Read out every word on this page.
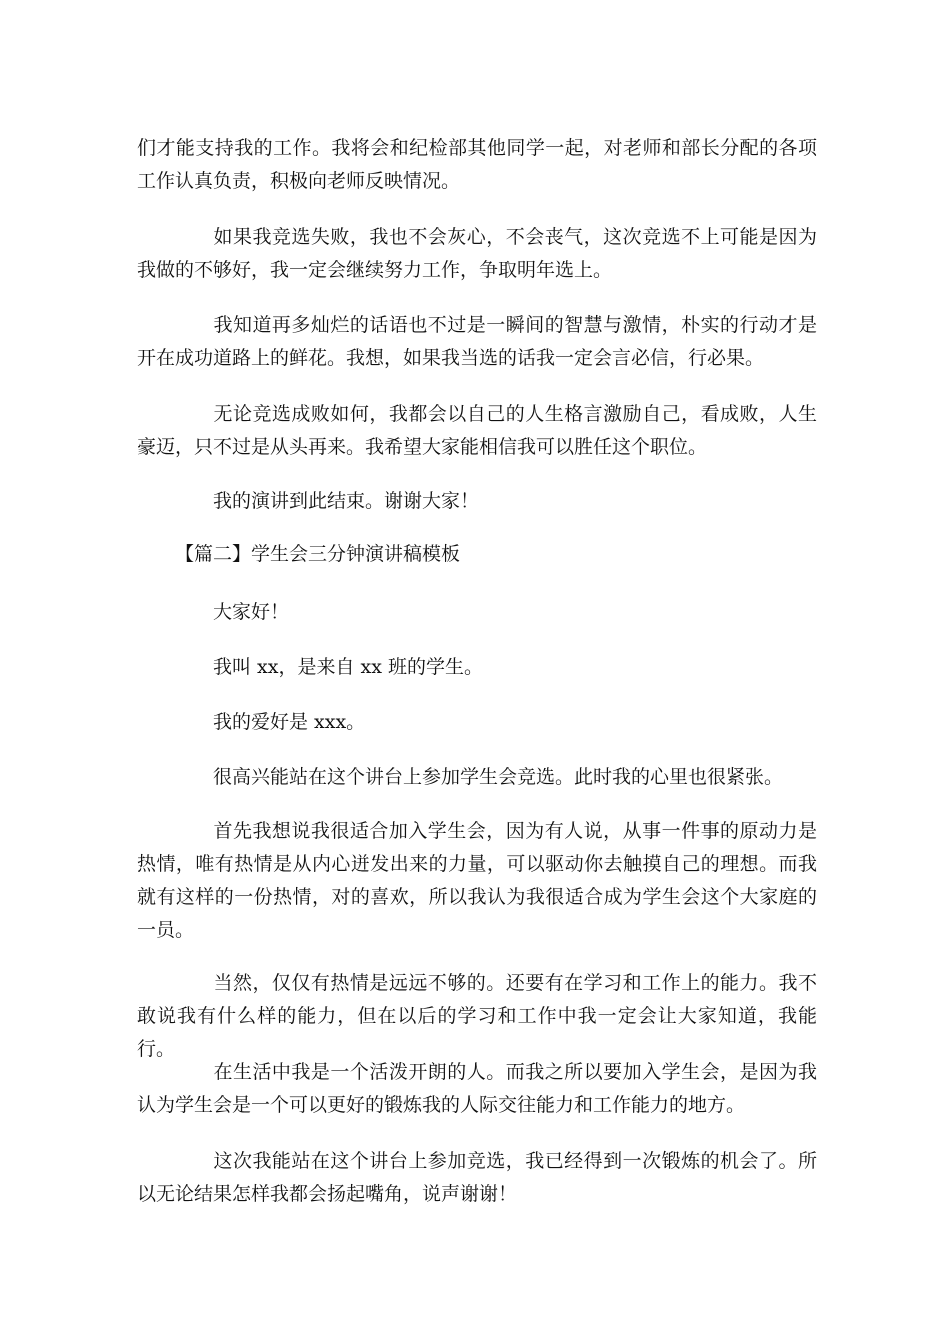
们才能支持我的工作。我将会和纪检部其他同学一起，对老师和部长分配的各项工作认真负责，积极向老师反映情况。

如果我竞选失败，我也不会灰心，不会丧气，这次竞选不上可能是因为我做的不够好，我一定会继续努力工作，争取明年选上。

我知道再多灿烂的话语也不过是一瞬间的智慧与激情，朴实的行动才是开在成功道路上的鲜花。我想，如果我当选的话我一定会言必信，行必果。

无论竞选成败如何，我都会以自己的人生格言激励自己，看成败，人生豪迈，只不过是从头再来。我希望大家能相信我可以胜任这个职位。

我的演讲到此结束。谢谢大家！

【篇二】学生会三分钟演讲稿模板

大家好！

我叫 xx，是来自 xx 班的学生。

我的爱好是 xxx。

很高兴能站在这个讲台上参加学生会竞选。此时我的心里也很紧张。

首先我想说我很适合加入学生会，因为有人说，从事一件事的原动力是热情，唯有热情是从内心迸发出来的力量，可以驱动你去触摸自己的理想。而我就有这样的一份热情，对的喜欢，所以我认为我很适合成为学生会这个大家庭的一员。

当然，仅仅有热情是远远不够的。还要有在学习和工作上的能力。我不敢说我有什么样的能力，但在以后的学习和工作中我一定会让大家知道，我能行。

在生活中我是一个活泼开朗的人。而我之所以要加入学生会，是因为我认为学生会是一个可以更好的锻炼我的人际交往能力和工作能力的地方。

这次我能站在这个讲台上参加竞选，我已经得到一次锻炼的机会了。所以无论结果怎样我都会扬起嘴角，说声谢谢！
